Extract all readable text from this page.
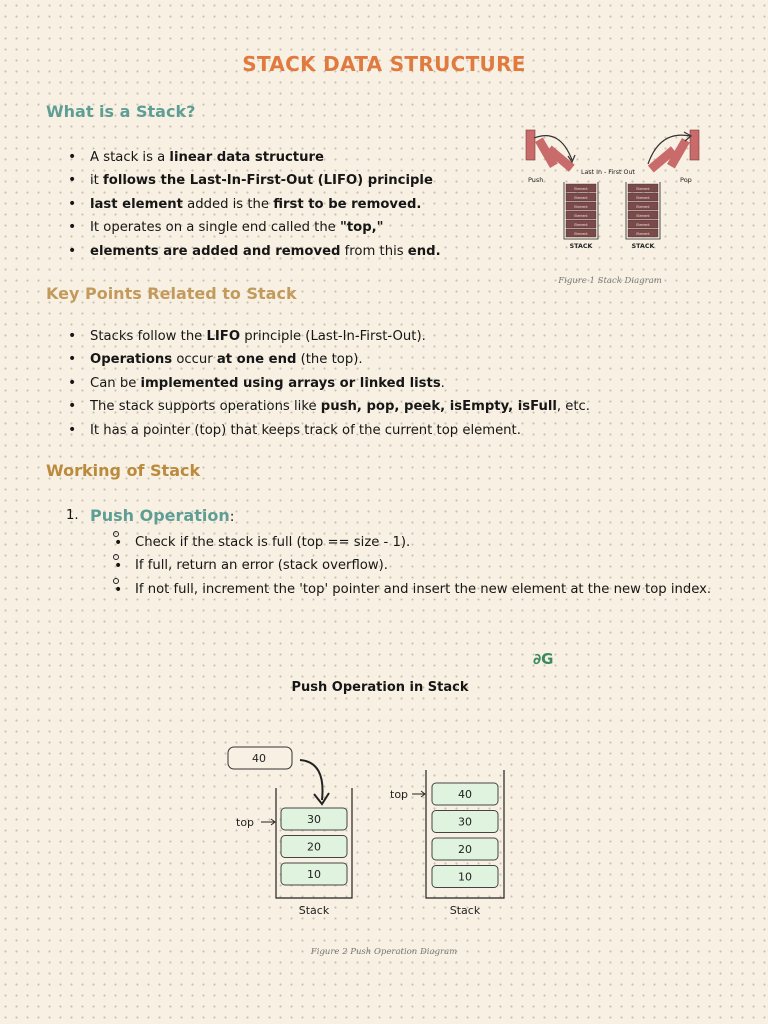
STACK DATA STRUCTURE
What is a Stack?
• A stack is a linear data structure
• it follows the Last-In-First-Out (LIFO) principle
• last element added is the first to be removed.
• It operates on a single end called the "top,"
• elements are added and removed from this end.
Push	Pop
Last In - First Out
Element
Element
Element
Element
Element
Element
STACK
Element
Element
Element
Element
Element
Element
STACK
Figure 1 Stack Diagram
Key Points Related to Stack
• Stacks follow the LIFO principle (Last-In-First-Out).
• Operations occur at one end (the top).
• Can be implemented using arrays or linked lists.
• The stack supports operations like push, pop, peek, isEmpty, isFull, etc.
• It has a pointer (top) that keeps track of the current top element.
Working of Stack
1. Push Operation:
• Check if the stack is full (top == size - 1).
• If full, return an error (stack overflow).
• If not full, increment the 'top' pointer and insert the new element at the new top index.
∂G
Push Operation in Stack
40
30
20
10
top
Stack
40
30
20
10
top
Stack
Figure 2 Push Operation Diagram
